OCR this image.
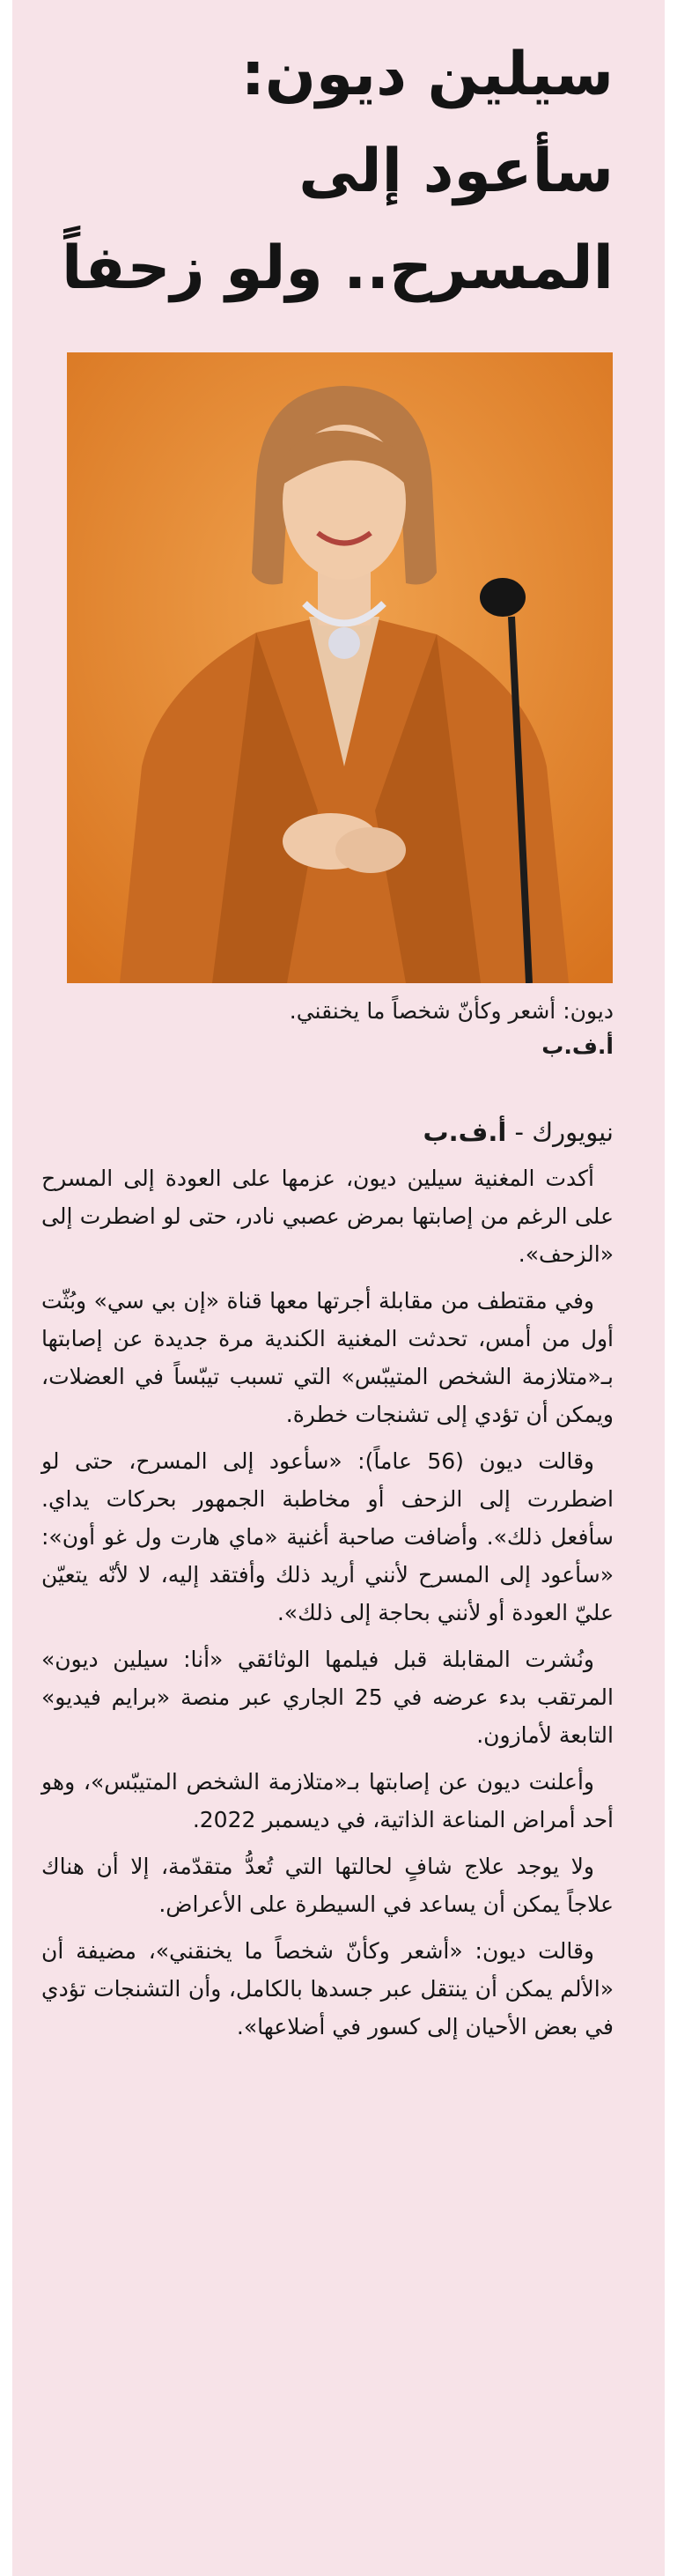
سيلين ديون: سأعود إلى المسرح.. ولو زحفاً
ديون: أشعر وكأنّ شخصاً ما يخنقني.
أ.ف.ب
نيويورك - أ.ف.ب

أكدت المغنية سيلين ديون، عزمها على العودة إلى المسرح على الرغم من إصابتها بمرض عصبي نادر، حتى لو اضطرت إلى «الزحف».

وفي مقتطف من مقابلة أجرتها معها قناة «إن بي سي» وبُثّت أول من أمس، تحدثت المغنية الكندية مرة جديدة عن إصابتها بـ«متلازمة الشخص المتيبّس» التي تسبب تيبّساً في العضلات، ويمكن أن تؤدي إلى تشنجات خطرة.

وقالت ديون (56 عاماً): «سأعود إلى المسرح، حتى لو اضطررت إلى الزحف أو مخاطبة الجمهور بحركات يداي. سأفعل ذلك». وأضافت صاحبة أغنية «ماي هارت ول غو أون»: «سأعود إلى المسرح لأنني أريد ذلك وأفتقد إليه، لا لأنّه يتعيّن عليّ العودة أو لأنني بحاجة إلى ذلك».

ونُشرت المقابلة قبل فيلمها الوثائقي «أنا: سيلين ديون» المرتقب بدء عرضه في 25 الجاري عبر منصة «برايم فيديو» التابعة لأمازون.

وأعلنت ديون عن إصابتها بـ«متلازمة الشخص المتيبّس»، وهو أحد أمراض المناعة الذاتية، في ديسمبر 2022.

ولا يوجد علاج شافٍ لحالتها التي تُعدُّ متقدّمة، إلا أن هناك علاجاً يمكن أن يساعد في السيطرة على الأعراض.

وقالت ديون: «أشعر وكأنّ شخصاً ما يخنقني»، مضيفة أن «الألم يمكن أن ينتقل عبر جسدها بالكامل، وأن التشنجات تؤدي في بعض الأحيان إلى كسور في أضلاعها».
